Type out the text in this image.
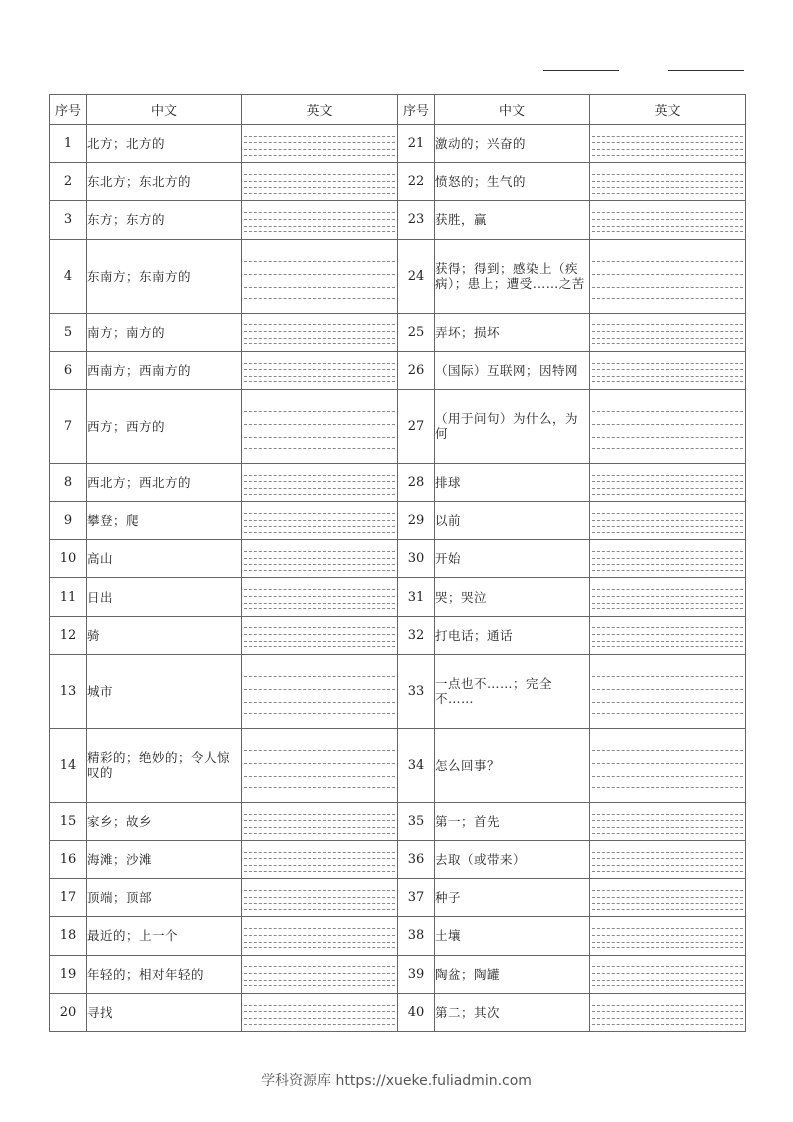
序号	中文	英文	序号	中文	英文
1	北方；北方的		21	激动的；兴奋的	

2	东北方；东北方的		22	愤怒的；生气的	

3	东方；东方的		23	获胜，赢	

4	东南方；东南方的		24	获得；得到；感染上（疾病）；患上；遭受……之苦	

5	南方；南方的		25	弄坏；损坏	

6	西南方；西南方的		26	（国际）互联网；因特网	

7	西方；西方的		27	（用于问句）为什么，为何	

8	西北方；西北方的		28	排球	

9	攀登；爬		29	以前	

10	高山		30	开始	

11	日出		31	哭；哭泣	

12	骑		32	打电话；通话	

13	城市		33	一点也不……；完全不……	

14	精彩的；绝妙的；令人惊叹的		34	怎么回事？	

15	家乡；故乡		35	第一；首先	

16	海滩；沙滩		36	去取（或带来）	

17	顶端；顶部		37	种子	

18	最近的；上一个		38	土壤	

19	年轻的；相对年轻的		39	陶盆；陶罐	

20	寻找		40	第二；其次	
学科资源库 https://xueke.fuliadmin.com
